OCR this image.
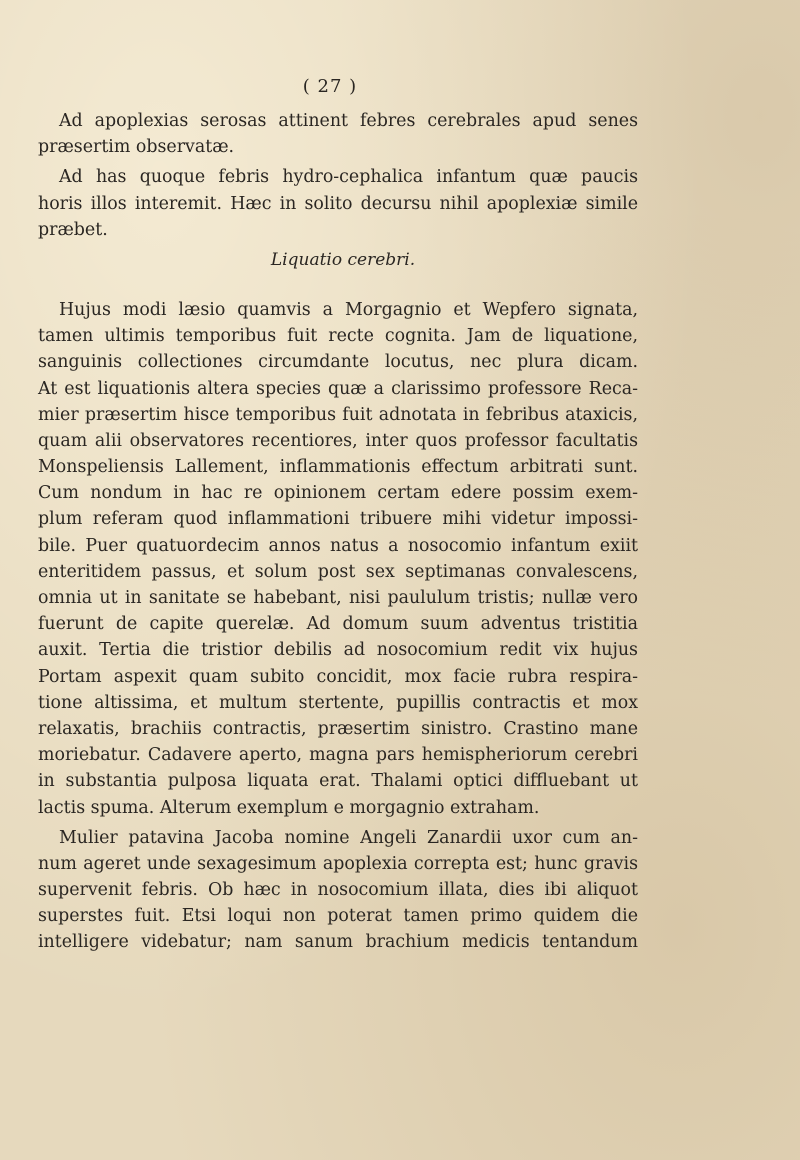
( 27 )
Ad apoplexias serosas attinent febres cerebrales apud senes
præsertim observatæ.
Ad has quoque febris hydro-cephalica infantum quæ paucis
horis illos interemit. Hæc in solito decursu nihil apoplexiæ simile
præbet.
Liquatio cerebri.
Hujus modi læsio quamvis a Morgagnio et Wepfero signata,
tamen ultimis temporibus fuit recte cognita. Jam de liquatione,
sanguinis collectiones circumdante locutus, nec plura dicam.
At est liquationis altera species quæ a clarissimo professore Reca-
mier præsertim hisce temporibus fuit adnotata in febribus ataxicis,
quam alii observatores recentiores, inter quos professor facultatis
Monspeliensis Lallement, inflammationis effectum arbitrati sunt.
Cum nondum in hac re opinionem certam edere possim exem-
plum referam quod inflammationi tribuere mihi videtur impossi-
bile. Puer quatuordecim annos natus a nosocomio infantum exiit
enteritidem passus, et solum post sex septimanas convalescens,
omnia ut in sanitate se habebant, nisi paululum tristis; nullæ vero
fuerunt de capite querelæ. Ad domum suum adventus tristitia
auxit. Tertia die tristior debilis ad nosocomium redit vix hujus
Portam aspexit quam subito concidit, mox facie rubra respira-
tione altissima, et multum stertente, pupillis contractis et mox
relaxatis, brachiis contractis, præsertim sinistro. Crastino mane
moriebatur. Cadavere aperto, magna pars hemispheriorum cerebri
in substantia pulposa liquata erat. Thalami optici diffluebant ut
lactis spuma. Alterum exemplum e morgagnio extraham.
Mulier patavina Jacoba nomine Angeli Zanardii uxor cum an-
num ageret unde sexagesimum apoplexia correpta est; hunc gravis
supervenit febris. Ob hæc in nosocomium illata, dies ibi aliquot
superstes fuit. Etsi loqui non poterat tamen primo quidem die
intelligere videbatur; nam sanum brachium medicis tentandum
